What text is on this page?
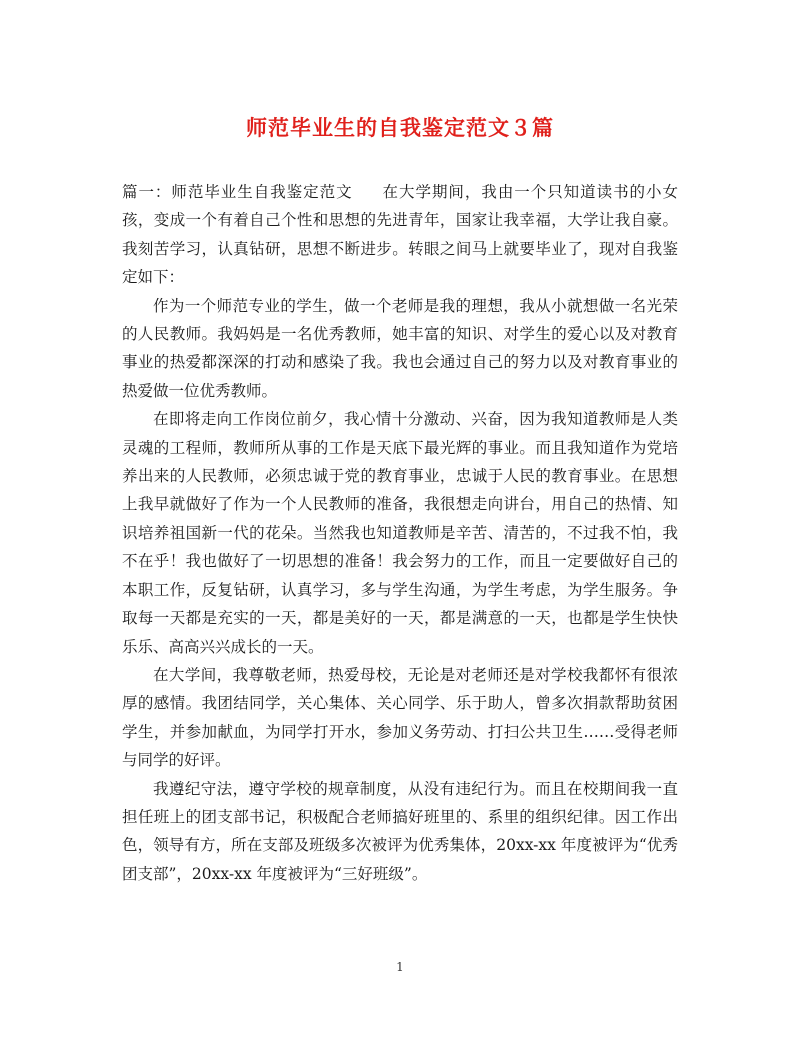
师范毕业生的自我鉴定范文３篇

篇一：师范毕业生自我鉴定范文 在大学期间，我由一个只知道读书的小女孩，变成一个有着自己个性和思想的先进青年，国家让我幸福，大学让我自豪。我刻苦学习，认真钻研，思想不断进步。转眼之间马上就要毕业了，现对自我鉴定如下：

作为一个师范专业的学生，做一个老师是我的理想，我从小就想做一名光荣的人民教师。我妈妈是一名优秀教师，她丰富的知识、对学生的爱心以及对教育事业的热爱都深深的打动和感染了我。我也会通过自己的努力以及对教育事业的热爱做一位优秀教师。

在即将走向工作岗位前夕，我心情十分激动、兴奋，因为我知道教师是人类灵魂的工程师，教师所从事的工作是天底下最光辉的事业。而且我知道作为党培养出来的人民教师，必须忠诚于党的教育事业，忠诚于人民的教育事业。在思想上我早就做好了作为一个人民教师的准备，我很想走向讲台，用自己的热情、知识培养祖国新一代的花朵。当然我也知道教师是辛苦、清苦的，不过我不怕，我不在乎！我也做好了一切思想的准备！我会努力的工作，而且一定要做好自己的本职工作，反复钻研，认真学习，多与学生沟通，为学生考虑，为学生服务。争取每一天都是充实的一天，都是美好的一天，都是满意的一天，也都是学生快快乐乐、高高兴兴成长的一天。

在大学间，我尊敬老师，热爱母校，无论是对老师还是对学校我都怀有很浓厚的感情。我团结同学，关心集体、关心同学、乐于助人，曾多次捐款帮助贫困学生，并参加献血，为同学打开水，参加义务劳动、打扫公共卫生……受得老师与同学的好评。

我遵纪守法，遵守学校的规章制度，从没有违纪行为。而且在校期间我一直担任班上的团支部书记，积极配合老师搞好班里的、系里的组织纪律。因工作出色，领导有方，所在支部及班级多次被评为优秀集体，20xx-xx 年度被评为“优秀团支部”，20xx-xx 年度被评为“三好班级”。

1
